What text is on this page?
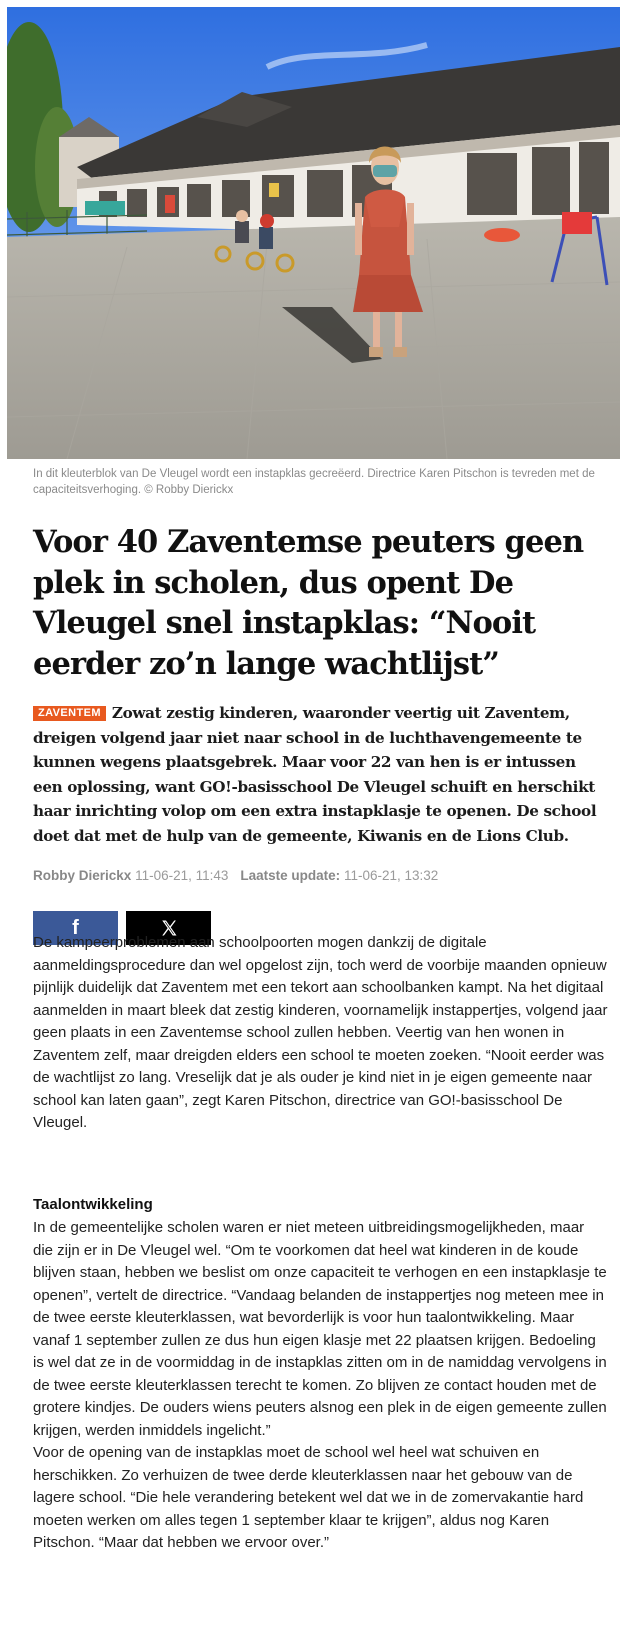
In dit kleuterblok van De Vleugel wordt een instapklas gecreëerd. Directrice Karen Pitschon is tevreden met de capaciteitsverhoging. © Robby Dierickx
Voor 40 Zaventemse peuters geen plek in scholen, dus opent De Vleugel snel instapklas: “Nooit eerder zo’n lange wachtlijst”
ZAVENTEM Zowat zestig kinderen, waaronder veertig uit Zaventem, dreigen volgend jaar niet naar school in de luchthavengemeente te kunnen wegens plaatsgebrek. Maar voor 22 van hen is er intussen een oplossing, want GO!-basisschool De Vleugel schuift en herschikt haar inrichting volop om een extra instapklasje te openen. De school doet dat met de hulp van de gemeente, Kiwanis en de Lions Club.
Robby Dierickx 11-06-21, 11:43 Laatste update: 11-06-21, 13:32
f

De kampeerproblemen aan schoolpoorten mogen dankzij de digitale aanmeldingsprocedure dan wel opgelost zijn, toch werd de voorbije maanden opnieuw pijnlijk duidelijk dat Zaventem met een tekort aan schoolbanken kampt. Na het digitaal aanmelden in maart bleek dat zestig kinderen, voornamelijk instappertjes, volgend jaar geen plaats in een Zaventemse school zullen hebben. Veertig van hen wonen in Zaventem zelf, maar dreigden elders een school te moeten zoeken. “Nooit eerder was de wachtlijst zo lang. Vreselijk dat je als ouder je kind niet in je eigen gemeente naar school kan laten gaan”, zegt Karen Pitschon, directrice van GO!-basisschool De Vleugel.

Taalontwikkeling

In de gemeentelijke scholen waren er niet meteen uitbreidingsmogelijkheden, maar die zijn er in De Vleugel wel. “Om te voorkomen dat heel wat kinderen in de koude blijven staan, hebben we beslist om onze capaciteit te verhogen en een instapklasje te openen”, vertelt de directrice. “Vandaag belanden de instappertjes nog meteen mee in de twee eerste kleuterklassen, wat bevorderlijk is voor hun taalontwikkeling. Maar vanaf 1 september zullen ze dus hun eigen klasje met 22 plaatsen krijgen. Bedoeling is wel dat ze in de voormiddag in de instapklas zitten om in de namiddag vervolgens in de twee eerste kleuterklassen terecht te komen. Zo blijven ze contact houden met de grotere kindjes. De ouders wiens peuters alsnog een plek in de eigen gemeente zullen krijgen, werden inmiddels ingelicht.”

Voor de opening van de instapklas moet de school wel heel wat schuiven en herschikken. Zo verhuizen de twee derde kleuterklassen naar het gebouw van de lagere school. “Die hele verandering betekent wel dat we in de zomervakantie hard moeten werken om alles tegen 1 september klaar te krijgen”, aldus nog Karen Pitschon. “Maar dat hebben we ervoor over.”
